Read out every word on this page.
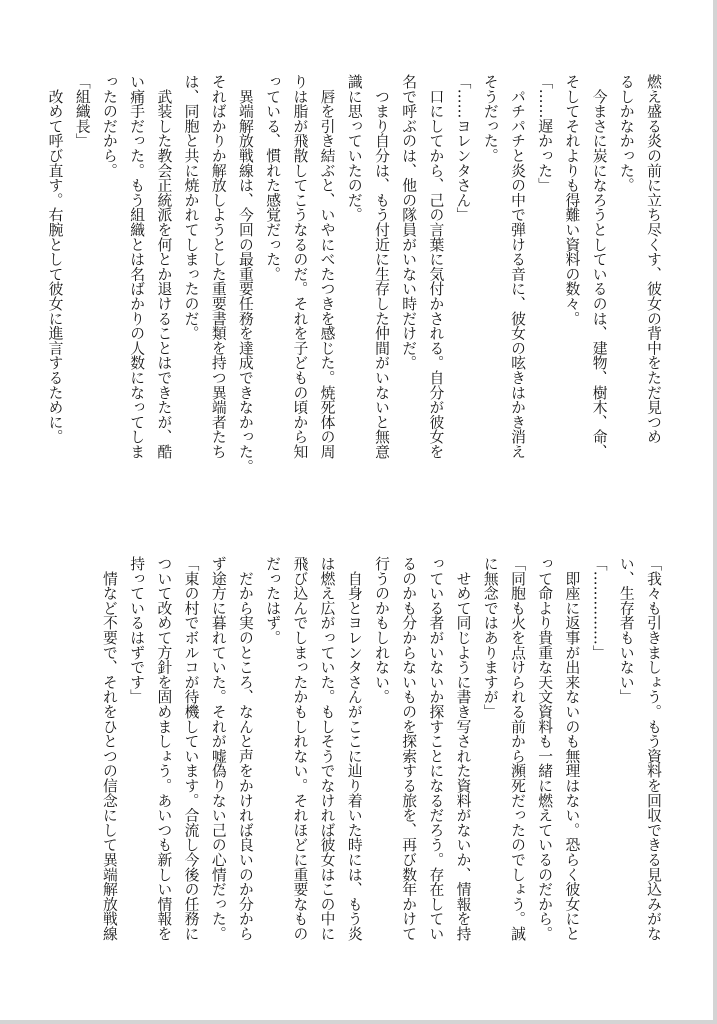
燃え盛る炎の前に立ち尽くす、彼女の背中をただ見つめ

るしかなかった。

　今まさに炭になろうとしているのは、建物、樹木、命、

そしてそれよりも得難い資料の数々。

「……遅かった」

　パチパチと炎の中で弾ける音に、彼女の呟きはかき消え

そうだった。

「……ヨレンタさん」

　口にしてから、己の言葉に気付かされる。自分が彼女を

名で呼ぶのは、他の隊員がいない時だけだ。

　つまり自分は、もう付近に生存した仲間がいないと無意

識に思っていたのだ。

　唇を引き結ぶと、いやにべたつきを感じた。焼死体の周

りは脂が飛散してこうなるのだ。それを子どもの頃から知

っている、慣れた感覚だった。

　異端解放戦線は、今回の最重要任務を達成できなかった。

そればかりか解放しようとした重要書類を持つ異端者たち

は、同胞と共に焼かれてしまったのだ。

　武装した教会正統派を何とか退けることはできたが、酷

い痛手だった。もう組織とは名ばかりの人数になってしま

ったのだから。

「組織長」

　改めて呼び直す。右腕として彼女に進言するために。

「我々も引きましょう。もう資料を回収できる見込みがな

い、生存者もいない」

「……………」

　即座に返事が出来ないのも無理はない。恐らく彼女にと

って命より貴重な天文資料も一緒に燃えているのだから。

「同胞も火を点けられる前から瀕死だったのでしょう。誠

に無念ではありますが」

　せめて同じように書き写された資料がないか、情報を持

っている者がいないか探すことになるだろう。存在してい

るのかも分からないものを探索する旅を、再び数年かけて

行うのかもしれない。

　自身とヨレンタさんがここに辿り着いた時には、もう炎

は燃え広がっていた。もしそうでなければ彼女はこの中に

飛び込んでしまったかもしれない。それほどに重要なもの

だったはず。

　だから実のところ、なんと声をかければ良いのか分から

ず途方に暮れていた。それが嘘偽りない己の心情だった。

「東の村でボルコが待機しています。合流し今後の任務に

ついて改めて方針を固めましょう。あいつも新しい情報を

持っているはずです」

　情など不要で、それをひとつの信念にして異端解放戦線
